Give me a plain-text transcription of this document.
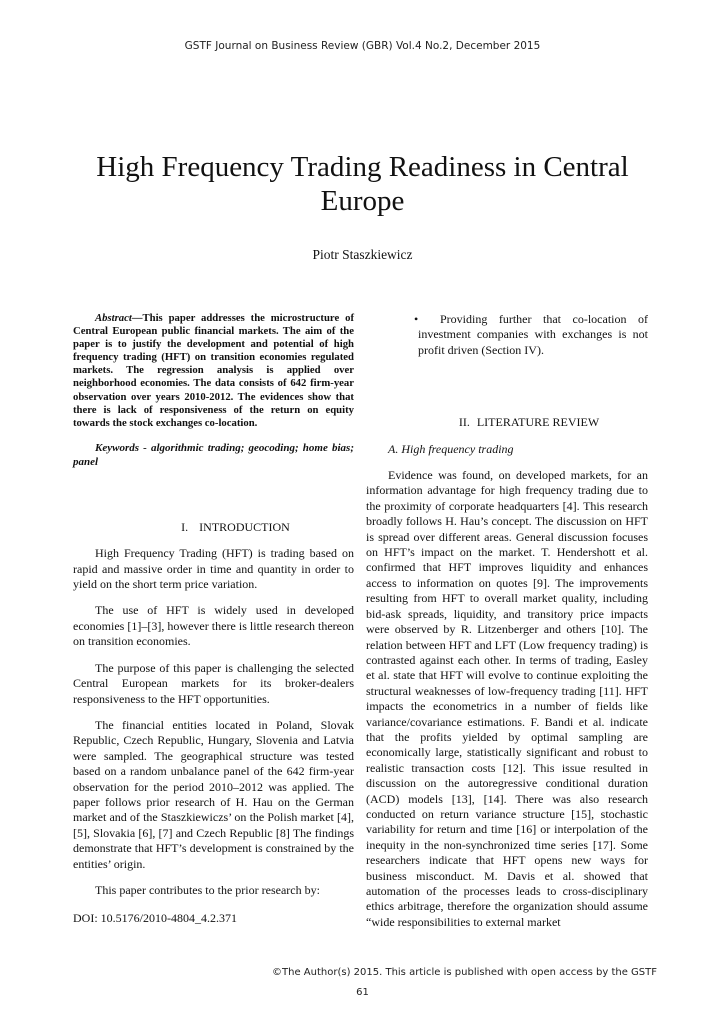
GSTF Journal on Business Review (GBR) Vol.4 No.2, December 2015
High Frequency Trading Readiness in Central Europe
Piotr Staszkiewicz

Abstract—This paper addresses the microstructure of Central European public financial markets. The aim of the paper is to justify the development and potential of high frequency trading (HFT) on transition economies regulated markets. The regression analysis is applied over neighborhood economies. The data consists of 642 firm-year observation over years 2010-2012. The evidences show that there is lack of responsiveness of the return on equity towards the stock exchanges co-location.

Keywords - algorithmic trading; geocoding; home bias; panel

I. INTRODUCTION

High Frequency Trading (HFT) is trading based on rapid and massive order in time and quantity in order to yield on the short term price variation.

The use of HFT is widely used in developed economies [1]–[3], however there is little research thereon on transition economies.

The purpose of this paper is challenging the selected Central European markets for its broker-dealers responsiveness to the HFT opportunities.

The financial entities located in Poland, Slovak Republic, Czech Republic, Hungary, Slovenia and Latvia were sampled. The geographical structure was tested based on a random unbalance panel of the 642 firm-year observation for the period 2010–2012 was applied. The paper follows prior research of H. Hau on the German market and of the Staszkiewiczs’ on the Polish market [4], [5], Slovakia [6], [7] and Czech Republic [8] The findings demonstrate that HFT’s development is constrained by the entities’ origin.

This paper contributes to the prior research by:

• Providing further that co-location of investment companies with exchanges is not profit driven (Section IV).

II. LITERATURE REVIEW

A. High frequency trading

Evidence was found, on developed markets, for an information advantage for high frequency trading due to the proximity of corporate headquarters [4]. This research broadly follows H. Hau’s concept. The discussion on HFT is spread over different areas. General discussion focuses on HFT’s impact on the market. T. Hendershott et al. confirmed that HFT improves liquidity and enhances access to information on quotes [9]. The improvements resulting from HFT to overall market quality, including bid-ask spreads, liquidity, and transitory price impacts were observed by R. Litzenberger and others [10]. The relation between HFT and LFT (Low frequency trading) is contrasted against each other. In terms of trading, Easley et al. state that HFT will evolve to continue exploiting the structural weaknesses of low-frequency trading [11]. HFT impacts the econometrics in a number of fields like variance/covariance estimations. F. Bandi et al. indicate that the profits yielded by optimal sampling are economically large, statistically significant and robust to realistic transaction costs [12]. This issue resulted in discussion on the autoregressive conditional duration (ACD) models [13], [14]. There was also research conducted on return variance structure [15], stochastic variability for return and time [16] or interpolation of the inequity in the non-synchronized time series [17]. Some researchers indicate that HFT opens new ways for business misconduct. M. Davis et al. showed that automation of the processes leads to cross-disciplinary ethics arbitrage, therefore the organization should assume “wide responsibilities to external market

DOI: 10.5176/2010-4804_4.2.371
©The Author(s) 2015. This article is published with open access by the GSTF
61
